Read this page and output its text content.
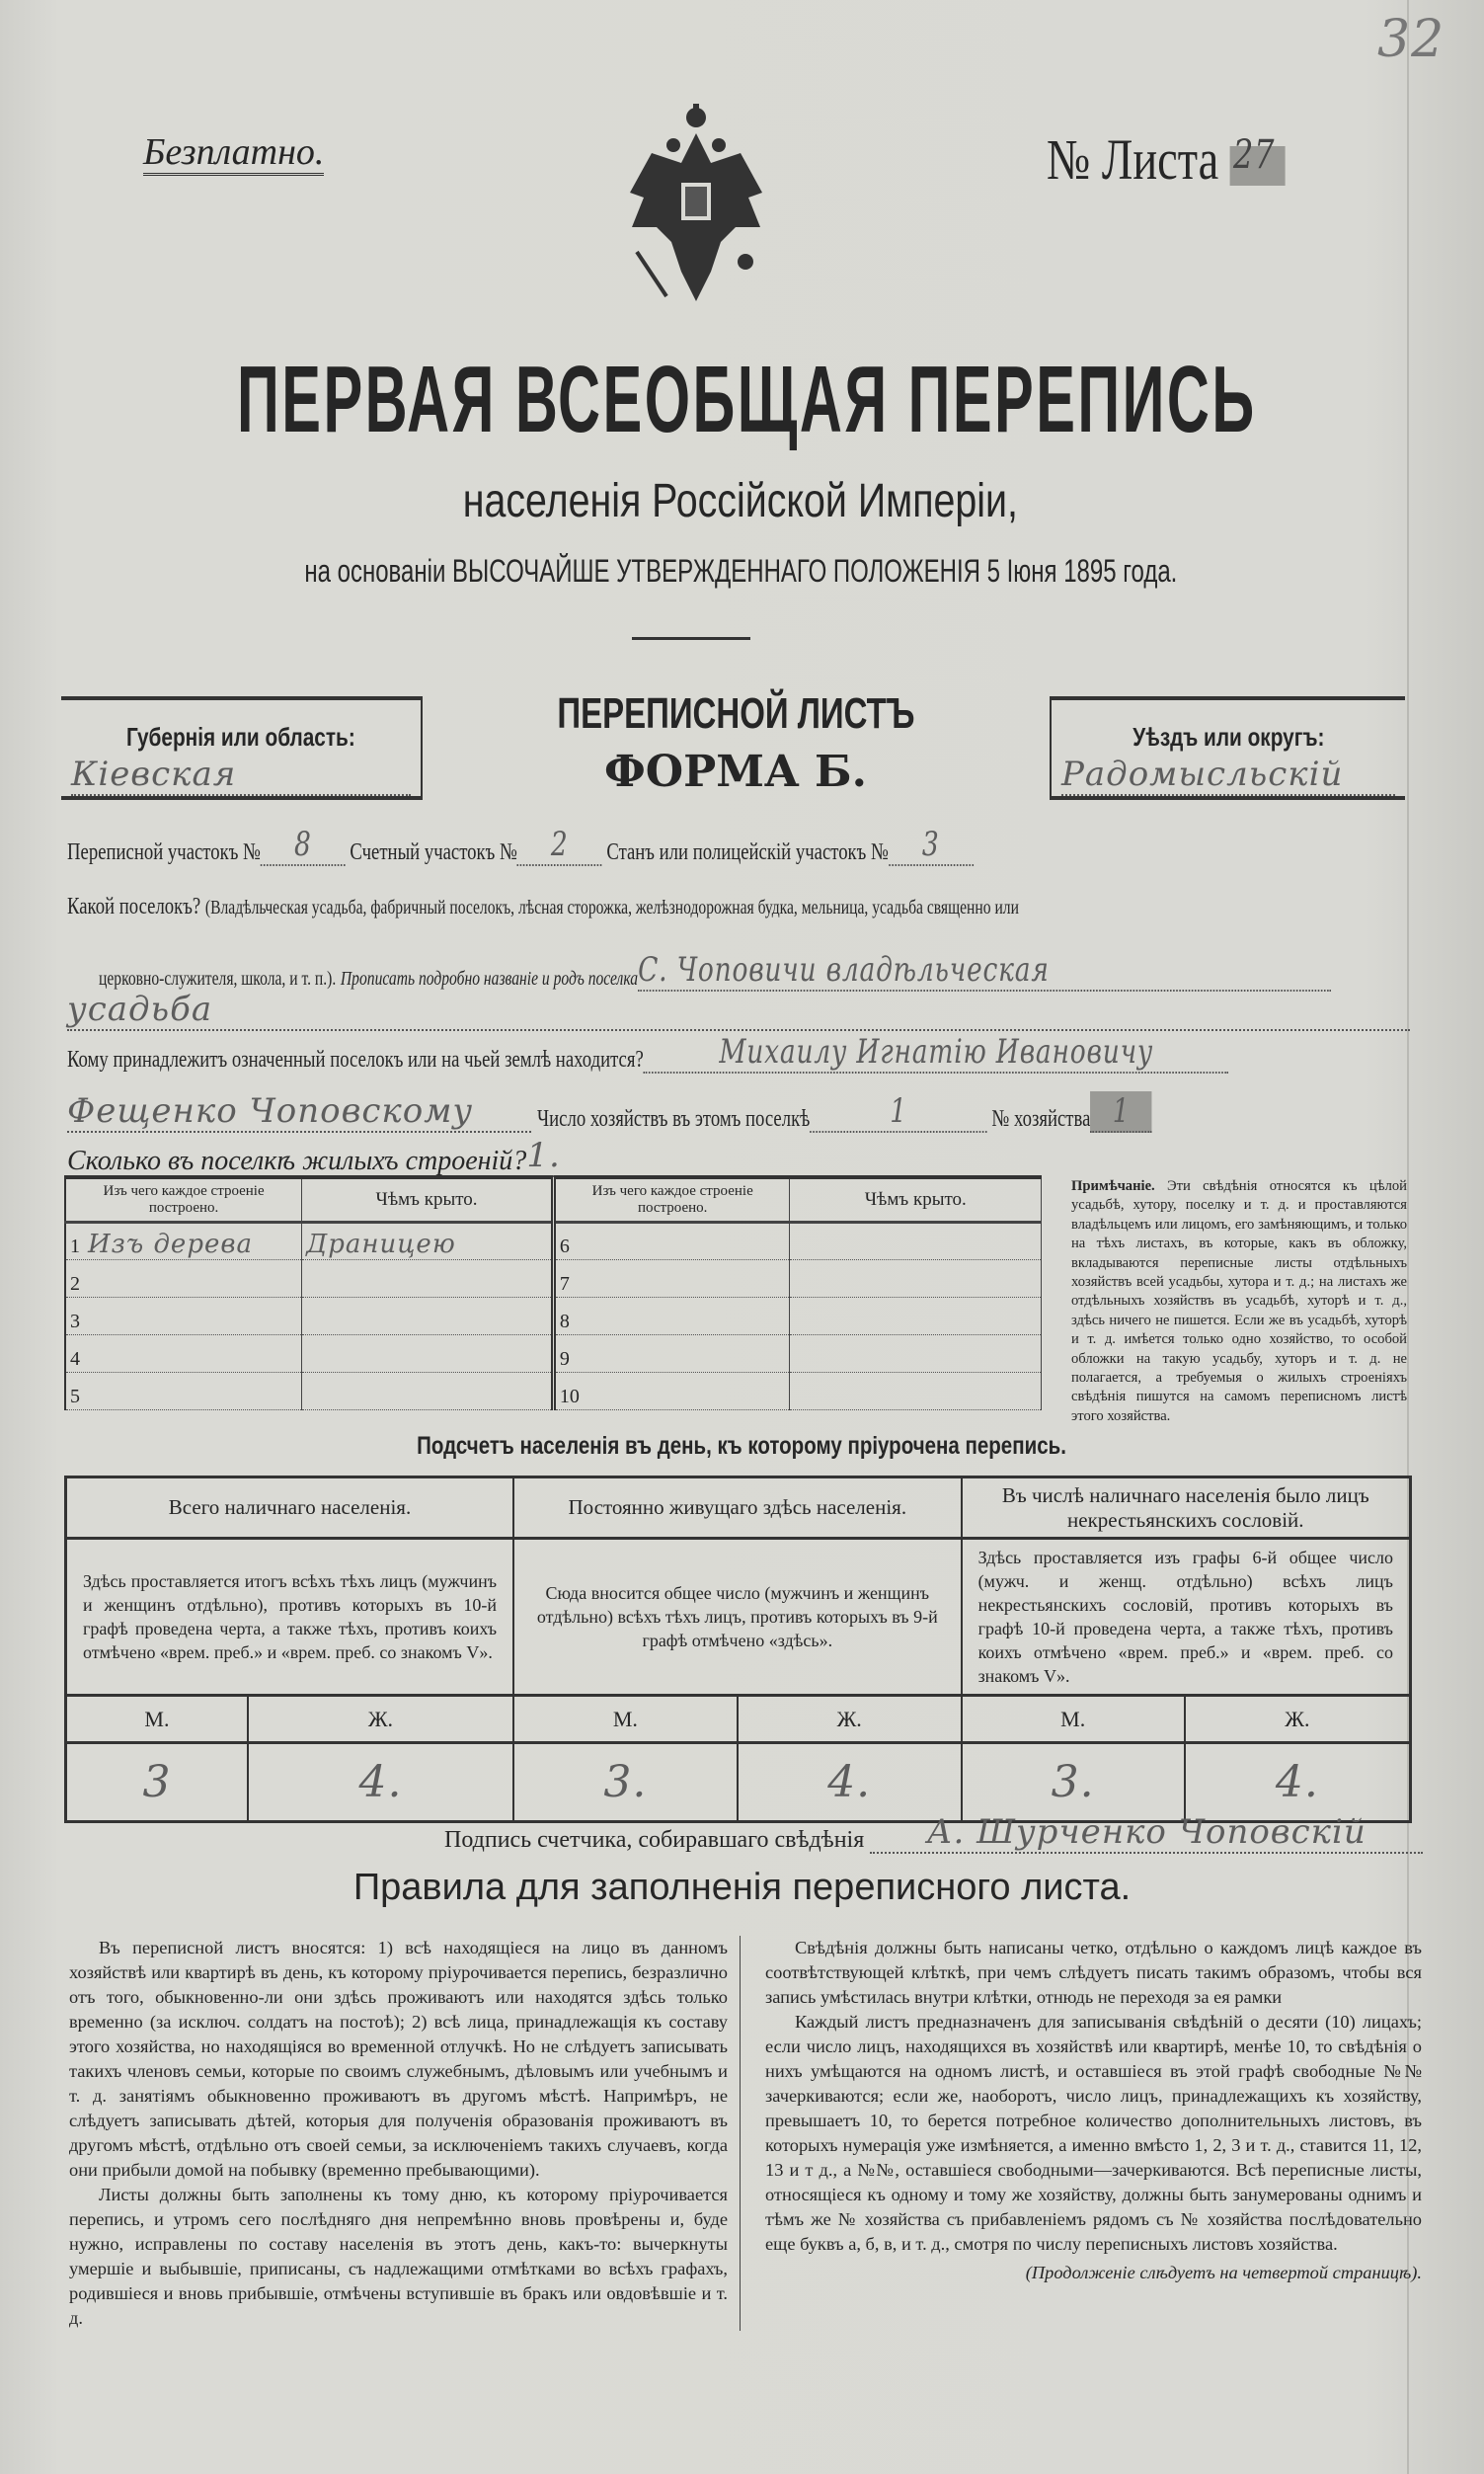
Безплатно.	№ Листа 27
32
ПЕРВАЯ ВСЕОБЩАЯ ПЕРЕПИСЬ
населенія Россійской Имперіи,
на основаніи ВЫСОЧАЙШЕ УТВЕРЖДЕННАГО ПОЛОЖЕНІЯ 5 Іюня 1895 года.
Губернія или область:
Кіевская
ПЕРЕПИСНОЙ ЛИСТЪ
ФОРМА Б.
Уѣздъ или округъ:
Радомысльскій
Переписной участокъ № 8 Счетный участокъ № 2 Станъ или полицейскій участокъ № 3
Какой поселокъ? (Владѣльческая усадьба, фабричный поселокъ, лѣсная сторожка, желѣзнодорожная будка, мельница, усадьба священно или
церковно-служителя, школа, и т. п.). Прописать подробно названіе и родъ поселкаС. Чоповичи владѣльческая
усадьба
Кому принадлежитъ означенный поселокъ или на чьей землѣ находится? Михаилу Игнатію Ивановичу
Фещенко Чоповскому	Число хозяйствъ въ этомъ поселкѣ 1	№ хозяйства 1
Сколько въ поселкѣ жилыхъ строеній?1.
Изъ чего каждое строеніе построено.	Чѣмъ крыто.	Изъ чего каждое строеніе построено.	Чѣмъ крыто.
1 Изъ дерева	Драницею	6	
2		7	
3		8	
4		9	
5		10	
Примѣчаніе. Эти свѣдѣнія относятся къ цѣлой усадьбѣ, хутору, поселку и т. д. и проставляются владѣльцемъ или лицомъ, его замѣняющимъ, и только на тѣхъ листахъ, въ которые, какъ въ обложку, вкладываются переписные листы отдѣльныхъ хозяйствъ всей усадьбы, хутора и т. д.; на листахъ же отдѣльныхъ хозяйствъ въ усадьбѣ, хуторѣ и т. д., здѣсь ничего не пишется. Если же въ усадьбѣ, хуторѣ и т. д. имѣется только одно хозяйство, то особой обложки на такую усадьбу, хуторъ и т. д. не полагается, а требуемыя о жилыхъ строеніяхъ свѣдѣнія пишутся на самомъ переписномъ листѣ этого хозяйства.
Подсчетъ населенія въ день, къ которому пріурочена перепись.
Всего наличнаго населенія.		Постоянно живущаго здѣсь населенія.		Въ числѣ наличнаго населенія было лицъ некрестьянскихъ сословій.	
Здѣсь проставляется итогъ всѣхъ тѣхъ лицъ (мужчинъ и женщинъ отдѣльно), противъ которыхъ въ 10-й графѣ проведена черта, а также тѣхъ, противъ коихъ отмѣчено «врем. преб.» и «врем. преб. со знакомъ V».		Сюда вносится общее число (мужчинъ и женщинъ отдѣльно) всѣхъ тѣхъ лицъ, противъ которыхъ въ 9-й графѣ отмѣчено «здѣсь».		Здѣсь проставляется изъ графы 6-й общее число (мужч. и женщ. отдѣльно) всѣхъ лицъ некрестьянскихъ сословій, противъ которыхъ въ графѣ 10-й проведена черта, а также тѣхъ, противъ коихъ отмѣчено «врем. преб.» и «врем. преб. со знакомъ V».	
М.	Ж.	М.	Ж.	М.	Ж.
3	4.	3.	4.	3.	4.
Подпись счетчика, собиравшаго свѣдѣнія А. Шурченко Чоповскій
Правила для заполненія переписного листа.

Въ переписной листъ вносятся: 1) всѣ находящіеся на лицо въ данномъ хозяйствѣ или квартирѣ въ день, къ которому пріурочивается перепись, безразлично отъ того, обыкновенно-ли они здѣсь проживаютъ или находятся здѣсь только временно (за исключ. солдатъ на постоѣ); 2) всѣ лица, принадлежащія къ составу этого хозяйства, но находящіяся во временной отлучкѣ. Но не слѣдуетъ записывать такихъ членовъ семьи, которые по своимъ служебнымъ, дѣловымъ или учебнымъ и т. д. занятіямъ обыкновенно проживаютъ въ другомъ мѣстѣ. Напримѣръ, не слѣдуетъ записывать дѣтей, которыя для полученія образованія проживаютъ въ другомъ мѣстѣ, отдѣльно отъ своей семьи, за исключеніемъ такихъ случаевъ, когда они прибыли домой на побывку (временно пребывающими).

Листы должны быть заполнены къ тому дню, къ которому пріурочивается перепись, и утромъ сего послѣдняго дня непремѣнно вновь провѣрены и, буде нужно, исправлены по составу населенія въ этотъ день, какъ-то: вычеркнуты умершіе и выбывшіе, приписаны, съ надлежащими отмѣтками во всѣхъ графахъ, родившіеся и вновь прибывшіе, отмѣчены вступившіе въ бракъ или овдовѣвшіе и т. д.

Свѣдѣнія должны быть написаны четко, отдѣльно о каждомъ лицѣ каждое въ соотвѣтствующей клѣткѣ, при чемъ слѣдуетъ писать такимъ образомъ, чтобы вся запись умѣстилась внутри клѣтки, отнюдь не переходя за ея рамки

Каждый листъ предназначенъ для записыванія свѣдѣній о десяти (10) лицахъ; если число лицъ, находящихся въ хозяйствѣ или квартирѣ, менѣе 10, то свѣдѣнія о нихъ умѣщаются на одномъ листѣ, и оставшіеся въ этой графѣ свободные №№ зачеркиваются; если же, наоборотъ, число лицъ, принадлежащихъ къ хозяйству, превышаетъ 10, то берется потребное количество дополнительныхъ листовъ, въ которыхъ нумерація уже измѣняется, а именно вмѣсто 1, 2, 3 и т. д., ставится 11, 12, 13 и т д., а №№, оставшіеся свободными—зачеркиваются. Всѣ переписные листы, относящіеся къ одному и тому же хозяйству, должны быть занумерованы однимъ и тѣмъ же № хозяйства съ прибавленіемъ рядомъ съ № хозяйства послѣдовательно еще буквъ а, б, в, и т. д., смотря по числу переписныхъ листовъ хозяйства.

(Продолженіе слѣдуетъ на четвертой страницѣ).
